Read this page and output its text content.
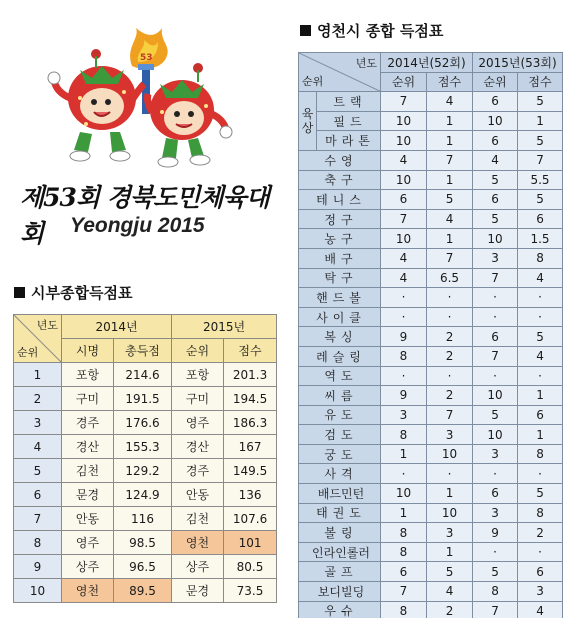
53
제53회 경북도민체육대회	Yeongju 2015
시부종합득점표
년도
순위	2014년		2015년	
	시명	총득점	순위	점수
1	포항	214.6	포항	201.3
2	구미	191.5	구미	194.5
3	경주	176.6	영주	186.3
4	경산	155.3	경산	167
5	김천	129.2	경주	149.5
6	문경	124.9	안동	136
7	안동	116	김천	107.6
8	영주	98.5	영천	101
9	상주	96.5	상주	80.5
10	영천	89.5	문경	73.5
영천시 종합 득점표
년도
순위		2014년(52회)		2015년(53회)	
		순위	점수	순위	점수

육
상	트랙	7	4	6	5
	필드	10	1	10	1
	마라톤	10	1	6	5
수영		4	7	4	7
축구		10	1	5	5.5
테니스		6	5	6	5
정구		7	4	5	6
농구		10	1	10	1.5
배구		4	7	3	8
탁구		4	6.5	7	4
핸드볼		·	·	·	·
사이클		·	·	·	·
복싱		9	2	6	5
레슬링		8	2	7	4
역도		·	·	·	·
씨름		9	2	10	1
유도		3	7	5	6
검도		8	3	10	1
궁도		1	10	3	8
사격		·	·	·	·
배드민턴		10	1	6	5
태권도		1	10	3	8
볼링		8	3	9	2
인라인롤러		8	1	·	·
골프		6	5	5	6
보디빌딩		7	4	8	3
우슈		8	2	7	4
